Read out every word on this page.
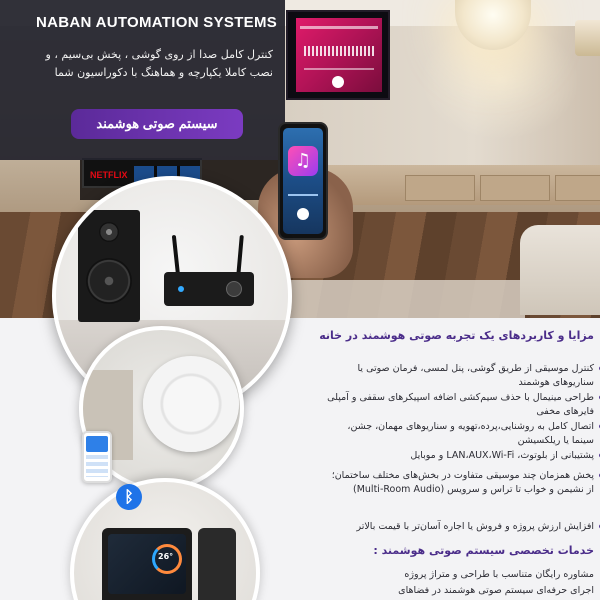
NETFLIX
NABAN AUTOMATION SYSTEMS
کنترل کامل صدا از روی گوشی ، پخش بی‌سیم ، و
نصب کاملا یکپارچه و هماهنگ با دکوراسیون شما
سیستم صوتی هوشمند
♫
26°
ᛒ
مزایا و کاربردهای یک تجربه صوتی هوشمند در خانه
● کنترل موسیقی از طریق گوشی، پنل لمسی، فرمان صوتی یا سناریوهای هوشمند
● طراحی مینیمال با حذف سیم‌کشی اضافه اسپیکرهای سقفی و آمپلی فایرهای مخفی
● اتصال کامل به روشنایی،پرده،تهویه و سناریوهای مهمان، جشن، سینما یا ریلکسیشن
● پشتیبانی از بلوتوث، LAN،AUX،Wi-Fi و موبایل
● پخش همزمان چند موسیقی متفاوت در بخش‌های مختلف ساختمان؛ از نشیمن و خواب تا تراس و سرویس (Multi-Room Audio)
● افزایش ارزش پروژه و فروش یا اجاره آسان‌تر با قیمت بالاتر
خدمات تخصصی سیستم صوتی هوشمند :
مشاوره رایگان متناسب با طراحی و متراژ پروژه
اجرای حرفه‌ای سیستم صوتی هوشمند در فضاهای
